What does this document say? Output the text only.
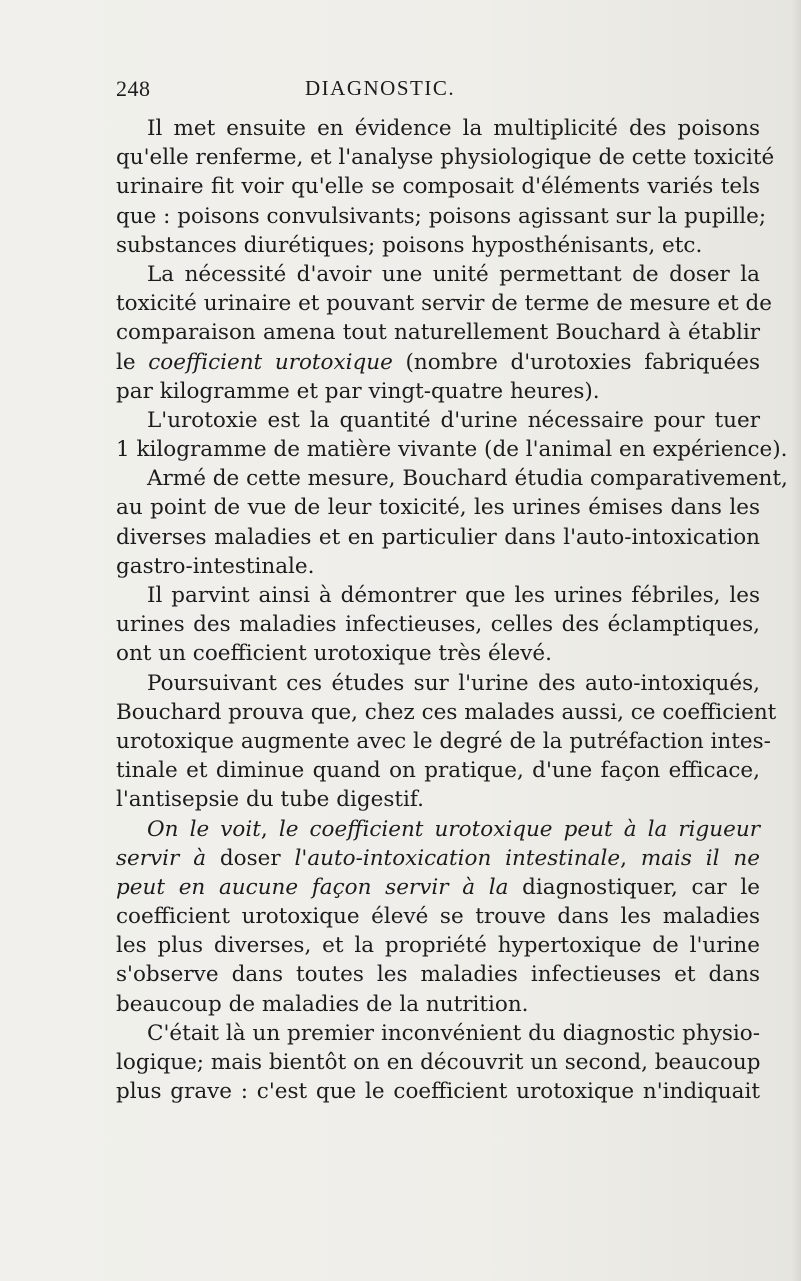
248	DIAGNOSTIC.
Il met ensuite en évidence la multiplicité des poisons
qu'elle renferme, et l'analyse physiologique de cette toxicité
urinaire fit voir qu'elle se composait d'éléments variés tels
que : poisons convulsivants; poisons agissant sur la pupille;
substances diurétiques; poisons hyposthénisants, etc.
La nécessité d'avoir une unité permettant de doser la
toxicité urinaire et pouvant servir de terme de mesure et de
comparaison amena tout naturellement Bouchard à établir
le coefficient urotoxique (nombre d'urotoxies fabriquées
par kilogramme et par vingt-quatre heures).
L'urotoxie est la quantité d'urine nécessaire pour tuer
1 kilogramme de matière vivante (de l'animal en expérience).
Armé de cette mesure, Bouchard étudia comparativement,
au point de vue de leur toxicité, les urines émises dans les
diverses maladies et en particulier dans l'auto-intoxication
gastro-intestinale.
Il parvint ainsi à démontrer que les urines fébriles, les
urines des maladies infectieuses, celles des éclamptiques,
ont un coefficient urotoxique très élevé.
Poursuivant ces études sur l'urine des auto-intoxiqués,
Bouchard prouva que, chez ces malades aussi, ce coefficient
urotoxique augmente avec le degré de la putréfaction intes-
tinale et diminue quand on pratique, d'une façon efficace,
l'antisepsie du tube digestif.
On le voit, le coefficient urotoxique peut à la rigueur
servir à doser l'auto-intoxication intestinale, mais il ne
peut en aucune façon servir à la diagnostiquer, car le
coefficient urotoxique élevé se trouve dans les maladies
les plus diverses, et la propriété hypertoxique de l'urine
s'observe dans toutes les maladies infectieuses et dans
beaucoup de maladies de la nutrition.
C'était là un premier inconvénient du diagnostic physio-
logique; mais bientôt on en découvrit un second, beaucoup
plus grave : c'est que le coefficient urotoxique n'indiquait
